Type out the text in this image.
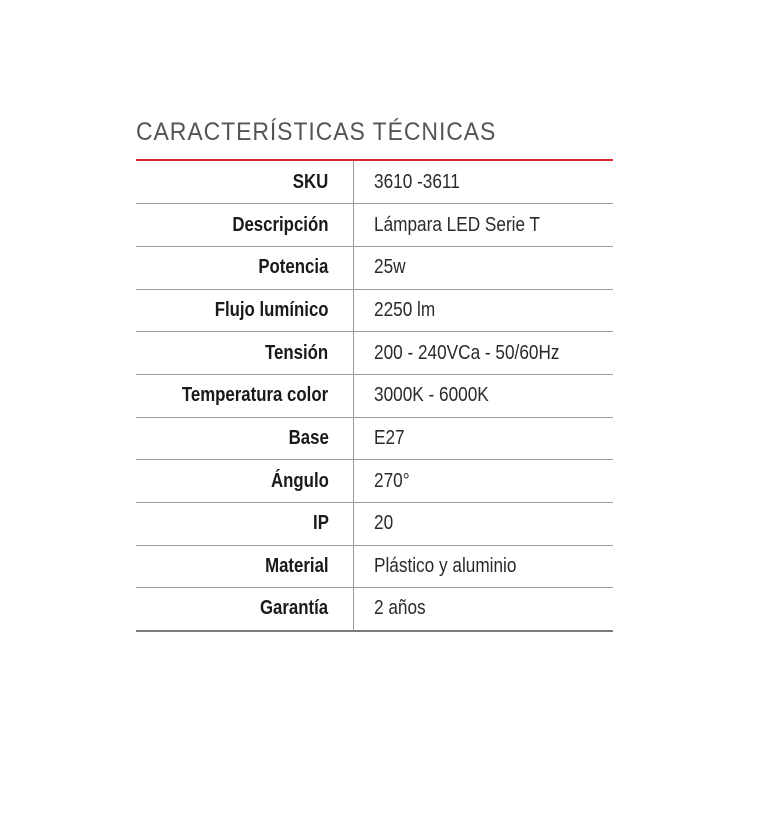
CARACTERÍSTICAS TÉCNICAS
SKU	3610 -3611
Descripción	Lámpara LED Serie T
Potencia	25w
Flujo lumínico	2250 lm
Tensión	200 - 240VCa - 50/60Hz
Temperatura color	3000K - 6000K
Base	E27
Ángulo	270°
IP	20
Material	Plástico y aluminio
Garantía	2 años
